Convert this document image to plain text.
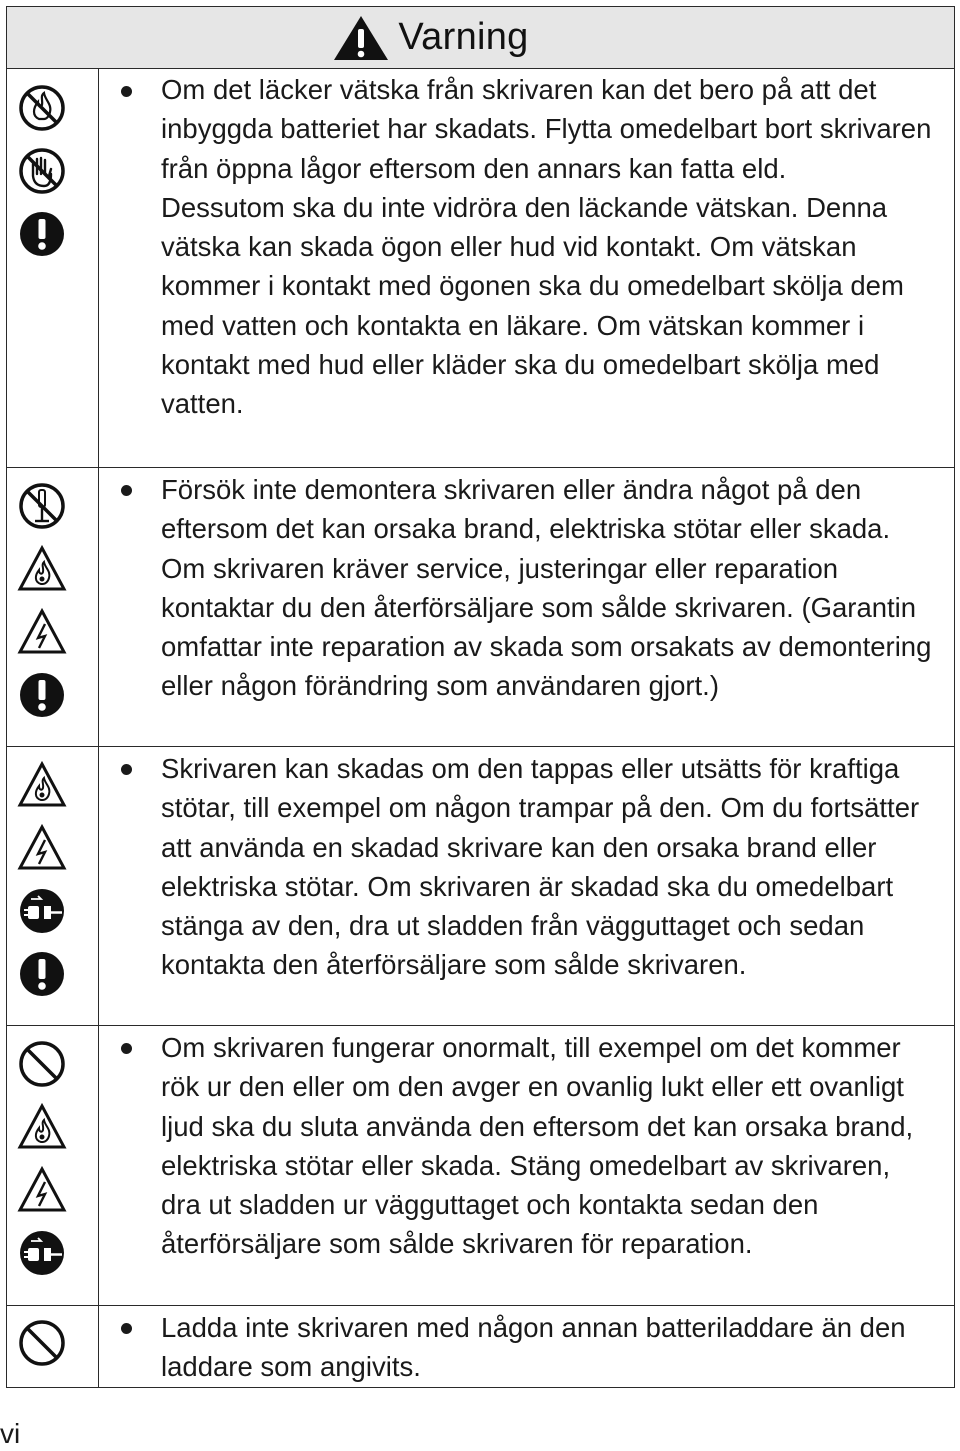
Varning

Om det läcker vätska från skrivaren kan det bero på att det inbyggda batteriet har skadats. Flytta omedelbart bort skrivaren från öppna lågor eftersom den annars kan fatta eld.

Dessutom ska du inte vidröra den läckande vätskan. Denna vätska kan skada ögon eller hud vid kontakt. Om vätskan kommer i kontakt med ögonen ska du omedelbart skölja dem med vatten och kontakta en läkare. Om vätskan kommer i kontakt med hud eller kläder ska du omedelbart skölja med vatten.

Försök inte demontera skrivaren eller ändra något på den eftersom det kan orsaka brand, elektriska stötar eller skada. Om skrivaren kräver service, justeringar eller reparation kontaktar du den återförsäljare som sålde skrivaren. (Garantin omfattar inte reparation av skada som orsakats av demontering eller någon förändring som användaren gjort.)

Skrivaren kan skadas om den tappas eller utsätts för kraftiga stötar, till exempel om någon trampar på den. Om du fortsätter att använda en skadad skrivare kan den orsaka brand eller elektriska stötar. Om skrivaren är skadad ska du omedelbart stänga av den, dra ut sladden från vägguttaget och sedan kontakta den återförsäljare som sålde skrivaren.

Om skrivaren fungerar onormalt, till exempel om det kommer rök ur den eller om den avger en ovanlig lukt eller ett ovanligt ljud ska du sluta använda den eftersom det kan orsaka brand, elektriska stötar eller skada. Stäng omedelbart av skrivaren, dra ut sladden ur vägguttaget och kontakta sedan den återförsäljare som sålde skrivaren för reparation.

Ladda inte skrivaren med någon annan batteriladdare än den laddare som angivits.

vi
